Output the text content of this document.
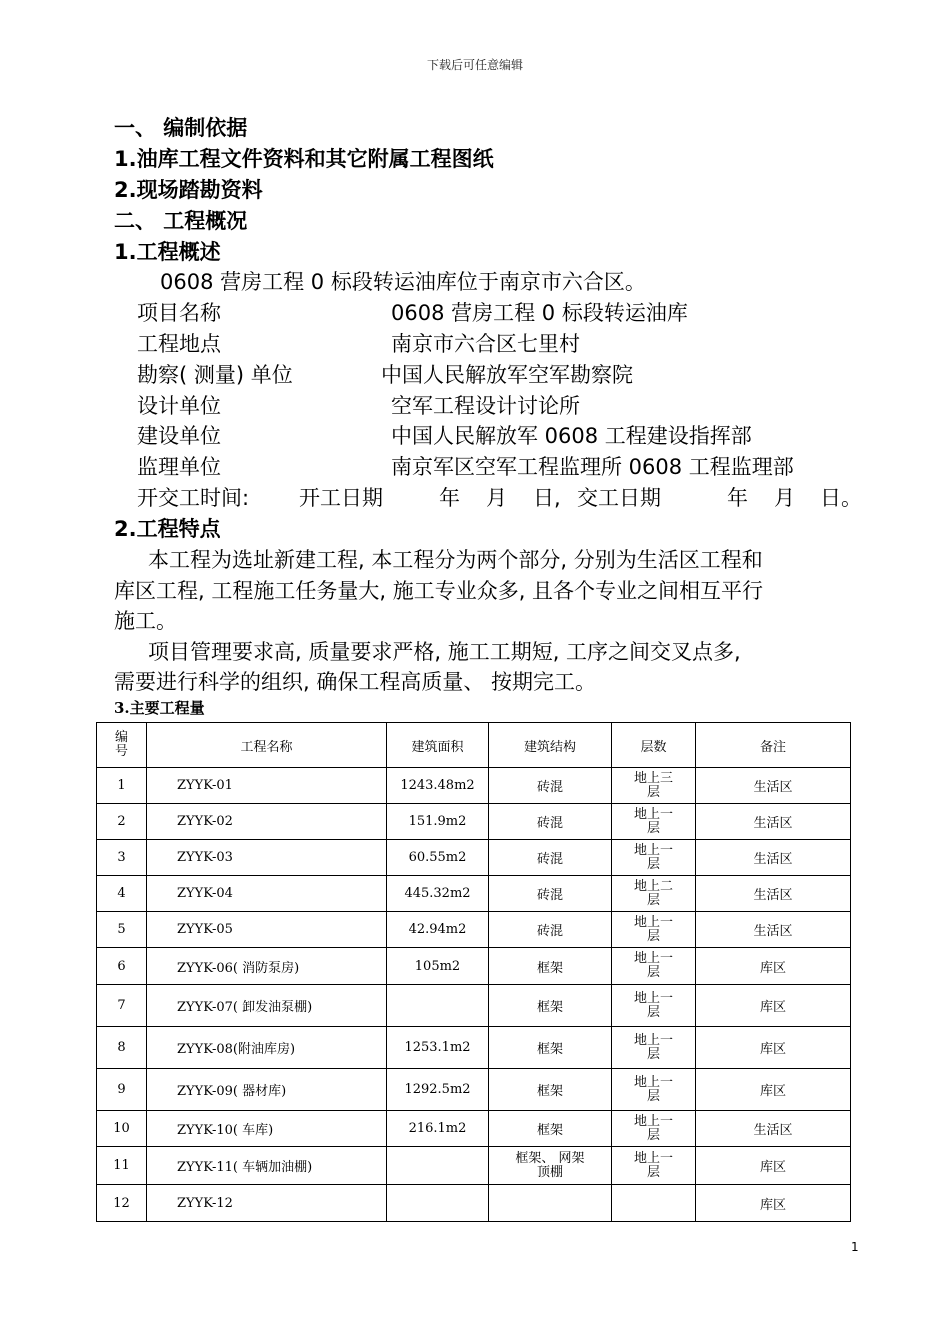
下载后可任意编辑
一、 编制依据
1.油库工程文件资料和其它附属工程图纸
2.现场踏勘资料
二、 工程概况
1.工程概述
0608 营房工程 0 标段转运油库位于南京市六合区。
项目名称	0608 营房工程 0 标段转运油库
工程地点	南京市六合区七里村
勘察( 测量) 单位	中国人民解放军空军勘察院
设计单位	空军工程设计讨论所
建设单位	中国人民解放军 0608 工程建设指挥部
监理单位	南京军区空军工程监理所 0608 工程监理部
开交工时间: 开工日期	年 月 日, 交工日期	年 月 日。
2.工程特点
本工程为选址新建工程, 本工程分为两个部分, 分别为生活区工程和
库区工程, 工程施工任务量大, 施工专业众多, 且各个专业之间相互平行
施工。
项目管理要求高, 质量要求严格, 施工工期短, 工序之间交叉点多,
需要进行科学的组织, 确保工程高质量、 按期完工。
3.主要工程量
编
号	工程名称	建筑面积	建筑结构	层数	备注
1	ZYYK-01	1243.48m2	砖混	地上三
层	生活区
2	ZYYK-02	151.9m2	砖混	地上一
层	生活区
3	ZYYK-03	60.55m2	砖混	地上一
层	生活区
4	ZYYK-04	445.32m2	砖混	地上二
层	生活区
5	ZYYK-05	42.94m2	砖混	地上一
层	生活区
6	ZYYK-06( 消防泵房)	105m2	框架	地上一
层	库区
7	ZYYK-07( 卸发油泵棚)		框架	地上一
层	库区
8	ZYYK-08(附油库房)	1253.1m2	框架	地上一
层	库区
9	ZYYK-09( 器材库)	1292.5m2	框架	地上一
层	库区
10	ZYYK-10( 车库)	216.1m2	框架	地上一
层	生活区
11	ZYYK-11( 车辆加油棚)		框架、 网架
顶棚	地上一
层	库区
12	ZYYK-12				库区
1
